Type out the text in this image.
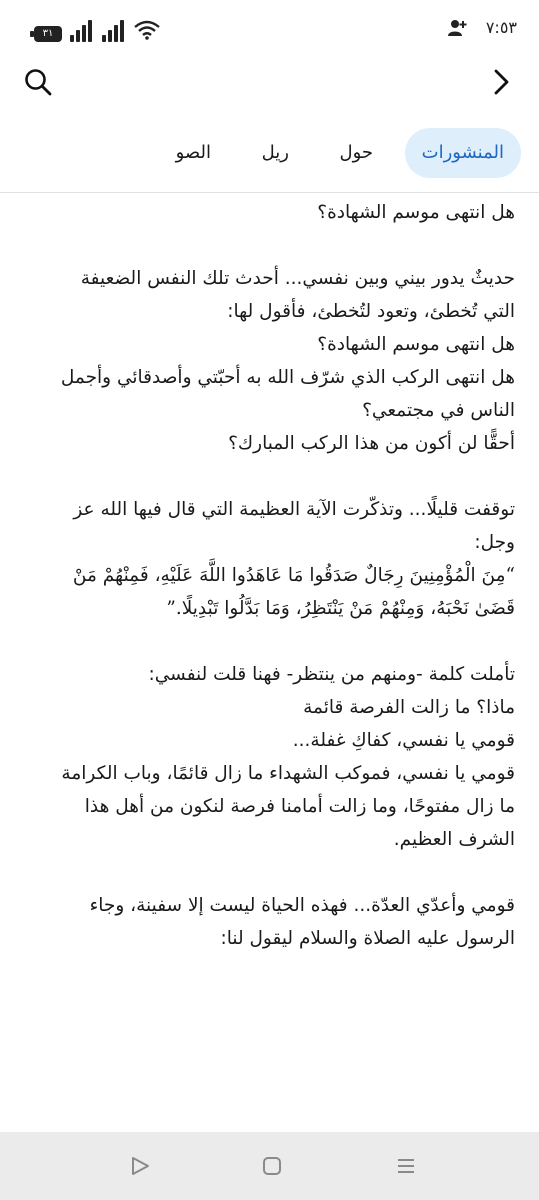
٧:٥٣
٣١
المنشورات
حول
ريل
الصو

هل انتهى موسم الشهادة؟

حديثٌ يدور بيني وبين نفسي... أحدث تلك النفس الضعيفة

التي تُخطئ، وتعود لتُخطئ، فأقول لها:

هل انتهى موسم الشهادة؟

هل انتهى الركب الذي شرّف الله به أحبّتي وأصدقائي وأجمل

الناس في مجتمعي؟

أحقًّا لن أكون من هذا الركب المبارك؟

توقفت قليلًا... وتذكّرت الآية العظيمة التي قال فيها الله عز

وجل:

“مِنَ الْمُؤْمِنِينَ رِجَالٌ صَدَقُوا مَا عَاهَدُوا اللَّهَ عَلَيْهِ، فَمِنْهُمْ مَنْ

قَضَىٰ نَحْبَهُ، وَمِنْهُمْ مَنْ يَنْتَظِرُ، وَمَا بَدَّلُوا تَبْدِيلًا.”

تأملت كلمة -ومنهم من ينتظر- فهنا قلت لنفسي:

ماذا؟ ما زالت الفرصة قائمة

قومي يا نفسي، كفاكِ غفلة...

قومي يا نفسي، فموكب الشهداء ما زال قائمًا، وباب الكرامة

ما زال مفتوحًا، وما زالت أمامنا فرصة لنكون من أهل هذا

الشرف العظيم.

قومي وأعدّي العدّة... فهذه الحياة ليست إلا سفينة، وجاء

الرسول عليه الصلاة والسلام ليقول لنا:
